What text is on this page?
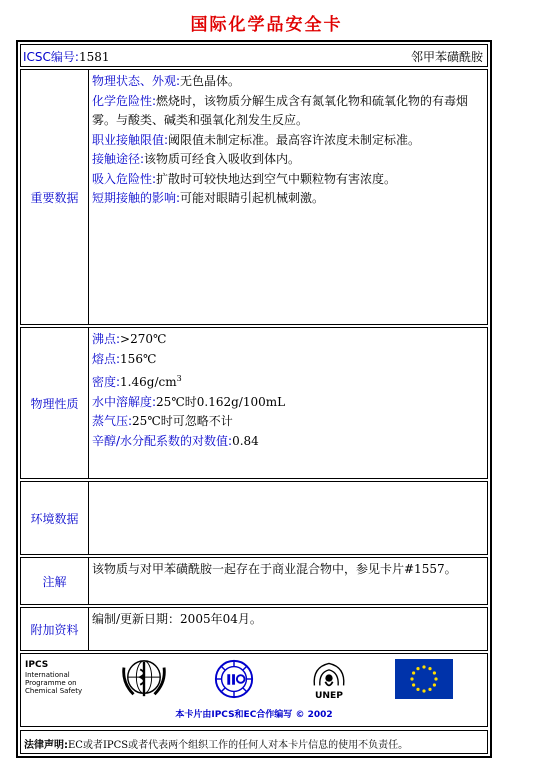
国际化学品安全卡
ICSC编号:1581	邻甲苯磺酰胺
重要数据
物理状态、外观:无色晶体。
化学危险性:燃烧时，该物质分解生成含有氮氧化物和硫氧化物的有毒烟雾。与酸类、碱类和强氧化剂发生反应。
职业接触限值:阈限值未制定标准。最高容许浓度未制定标准。
接触途径:该物质可经食入吸收到体内。
吸入危险性:扩散时可较快地达到空气中颗粒物有害浓度。
短期接触的影响:可能对眼睛引起机械刺激。
物理性质
沸点:>270℃
熔点:156℃
密度$:1.46g/cm^3$
水中溶解度:25℃时0.162g/100mL
蒸气压:25℃时可忽略不计
辛醇/水分配系数的对数值:0.84
环境数据
注解
该物质与对甲苯磺酰胺一起存在于商业混合物中，参见卡片#1557。
附加资料
编制/更新日期：2005年04月。
IPCS
International
Programme on
Chemical Safety
UNEP
本卡片由IPCS和EC合作编写 © 2002
法律声明:EC或者IPCS或者代表两个组织工作的任何人对本卡片信息的使用不负责任。
